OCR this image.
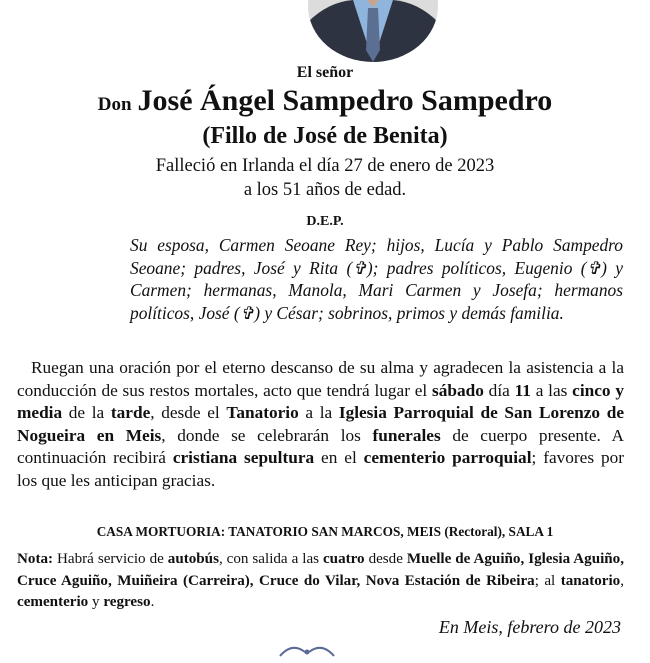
El señor
Don José Ángel Sampedro Sampedro
(Fillo de José de Benita)
Falleció en Irlanda el día 27 de enero de 2023
a los 51 años de edad.
D.E.P.
Su esposa, Carmen Seoane Rey; hijos, Lucía y Pablo Sampedro Seoane; padres, José y Rita (✞); padres políticos, Eugenio (✞) y Carmen; hermanas, Manola, Mari Carmen y Josefa; hermanos políticos, José (✞) y César; sobrinos, primos y demás familia.
Ruegan una oración por el eterno descanso de su alma y agradecen la asistencia a la conducción de sus restos mortales, acto que tendrá lugar el sábado día 11 a las cinco y media de la tarde, desde el Tanatorio a la Iglesia Parroquial de San Lorenzo de Nogueira en Meis, donde se celebrarán los funerales de cuerpo presente. A continuación recibirá cristiana sepultura en el cementerio parroquial; favores por los que les anticipan gracias.
CASA MORTUORIA: TANATORIO SAN MARCOS, MEIS (Rectoral), SALA 1
Nota: Habrá servicio de autobús, con salida a las cuatro desde Muelle de Aguiño, Iglesia Aguiño, Cruce Aguiño, Muiñeira (Carreira), Cruce do Vilar, Nova Estación de Ribeira; al tanatorio, cementerio y regreso.
En Meis, febrero de 2023
